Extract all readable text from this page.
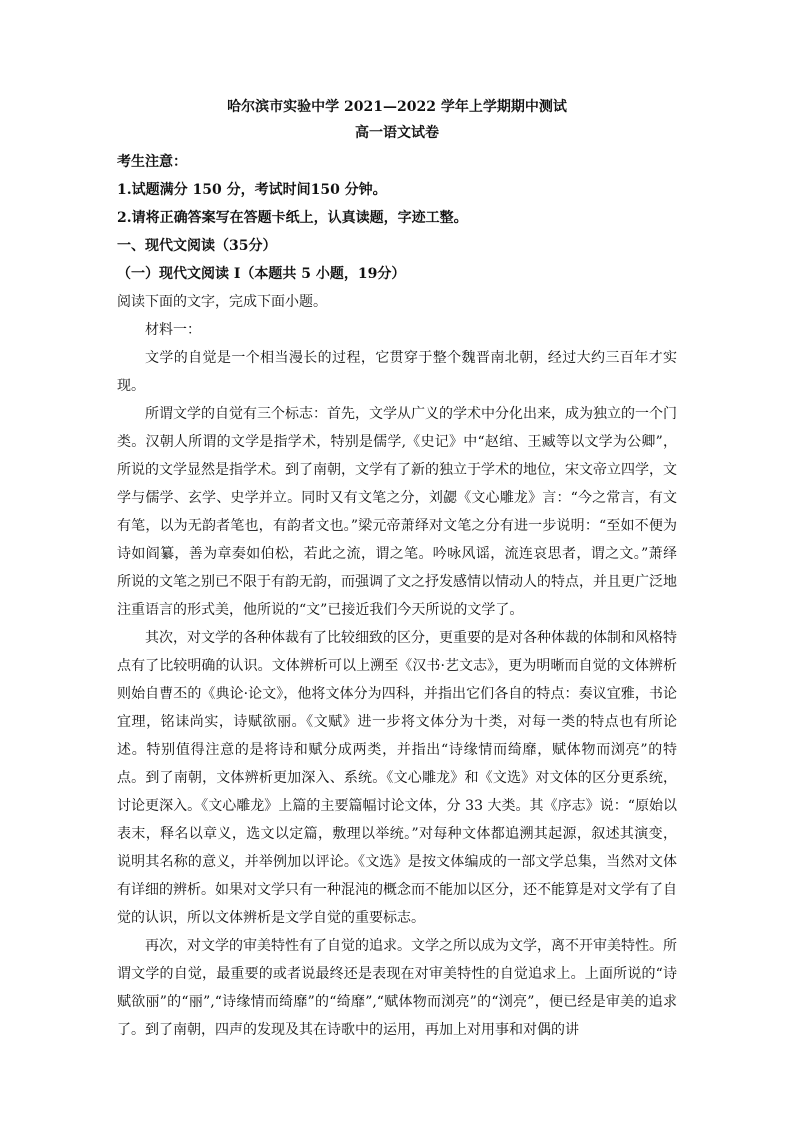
哈尔滨市实验中学 2021—2022 学年上学期期中测试

高一语文试卷

考生注意：

1.试题满分 150 分，考试时间150 分钟。

2.请将正确答案写在答题卡纸上，认真读题，字迹工整。

一、现代文阅读（35分）

（一）现代文阅读 I（本题共 5 小题，19分）

阅读下面的文字，完成下面小题。

材料一：

文学的自觉是一个相当漫长的过程，它贯穿于整个魏晋南北朝，经过大约三百年才实现。

所谓文学的自觉有三个标志：首先，文学从广义的学术中分化出来，成为独立的一个门类。汉朝人所谓的文学是指学术，特别是儒学,《史记》中“赵绾、王臧等以文学为公卿”，所说的文学显然是指学术。到了南朝，文学有了新的独立于学术的地位，宋文帝立四学，文学与儒学、玄学、史学并立。同时又有文笔之分，刘勰《文心雕龙》言：“今之常言，有文有笔，以为无韵者笔也，有韵者文也。”梁元帝萧绎对文笔之分有进一步说明：“至如不便为诗如阎纂，善为章奏如伯松，若此之流，谓之笔。吟咏风谣，流连哀思者，谓之文。”萧绎所说的文笔之别已不限于有韵无韵，而强调了文之抒发感情以情动人的特点，并且更广泛地注重语言的形式美，他所说的“文”已接近我们今天所说的文学了。

其次，对文学的各种体裁有了比较细致的区分，更重要的是对各种体裁的体制和风格特点有了比较明确的认识。文体辨析可以上溯至《汉书·艺文志》，更为明晰而自觉的文体辨析则始自曹丕的《典论·论文》，他将文体分为四科，并指出它们各自的特点：奏议宜雅，书论宜理，铭诔尚实，诗赋欲丽。《文赋》进一步将文体分为十类，对每一类的特点也有所论述。特别值得注意的是将诗和赋分成两类，并指出“诗缘情而绮靡，赋体物而浏亮”的特点。到了南朝，文体辨析更加深入、系统。《文心雕龙》和《文选》对文体的区分更系统，讨论更深入。《文心雕龙》上篇的主要篇幅讨论文体，分 33 大类。其《序志》说：“原始以表末，释名以章义，选文以定篇，敷理以举统。”对每种文体都追溯其起源，叙述其演变，说明其名称的意义，并举例加以评论。《文选》是按文体编成的一部文学总集，当然对文体有详细的辨析。如果对文学只有一种混沌的概念而不能加以区分，还不能算是对文学有了自觉的认识，所以文体辨析是文学自觉的重要标志。

再次，对文学的审美特性有了自觉的追求。文学之所以成为文学，离不开审美特性。所谓文学的自觉，最重要的或者说最终还是表现在对审美特性的自觉追求上。上面所说的“诗赋欲丽”的“丽”,“诗缘情而绮靡”的“绮靡”,“赋体物而浏亮”的“浏亮”，便已经是审美的追求了。到了南朝，四声的发现及其在诗歌中的运用，再加上对用事和对偶的讲
